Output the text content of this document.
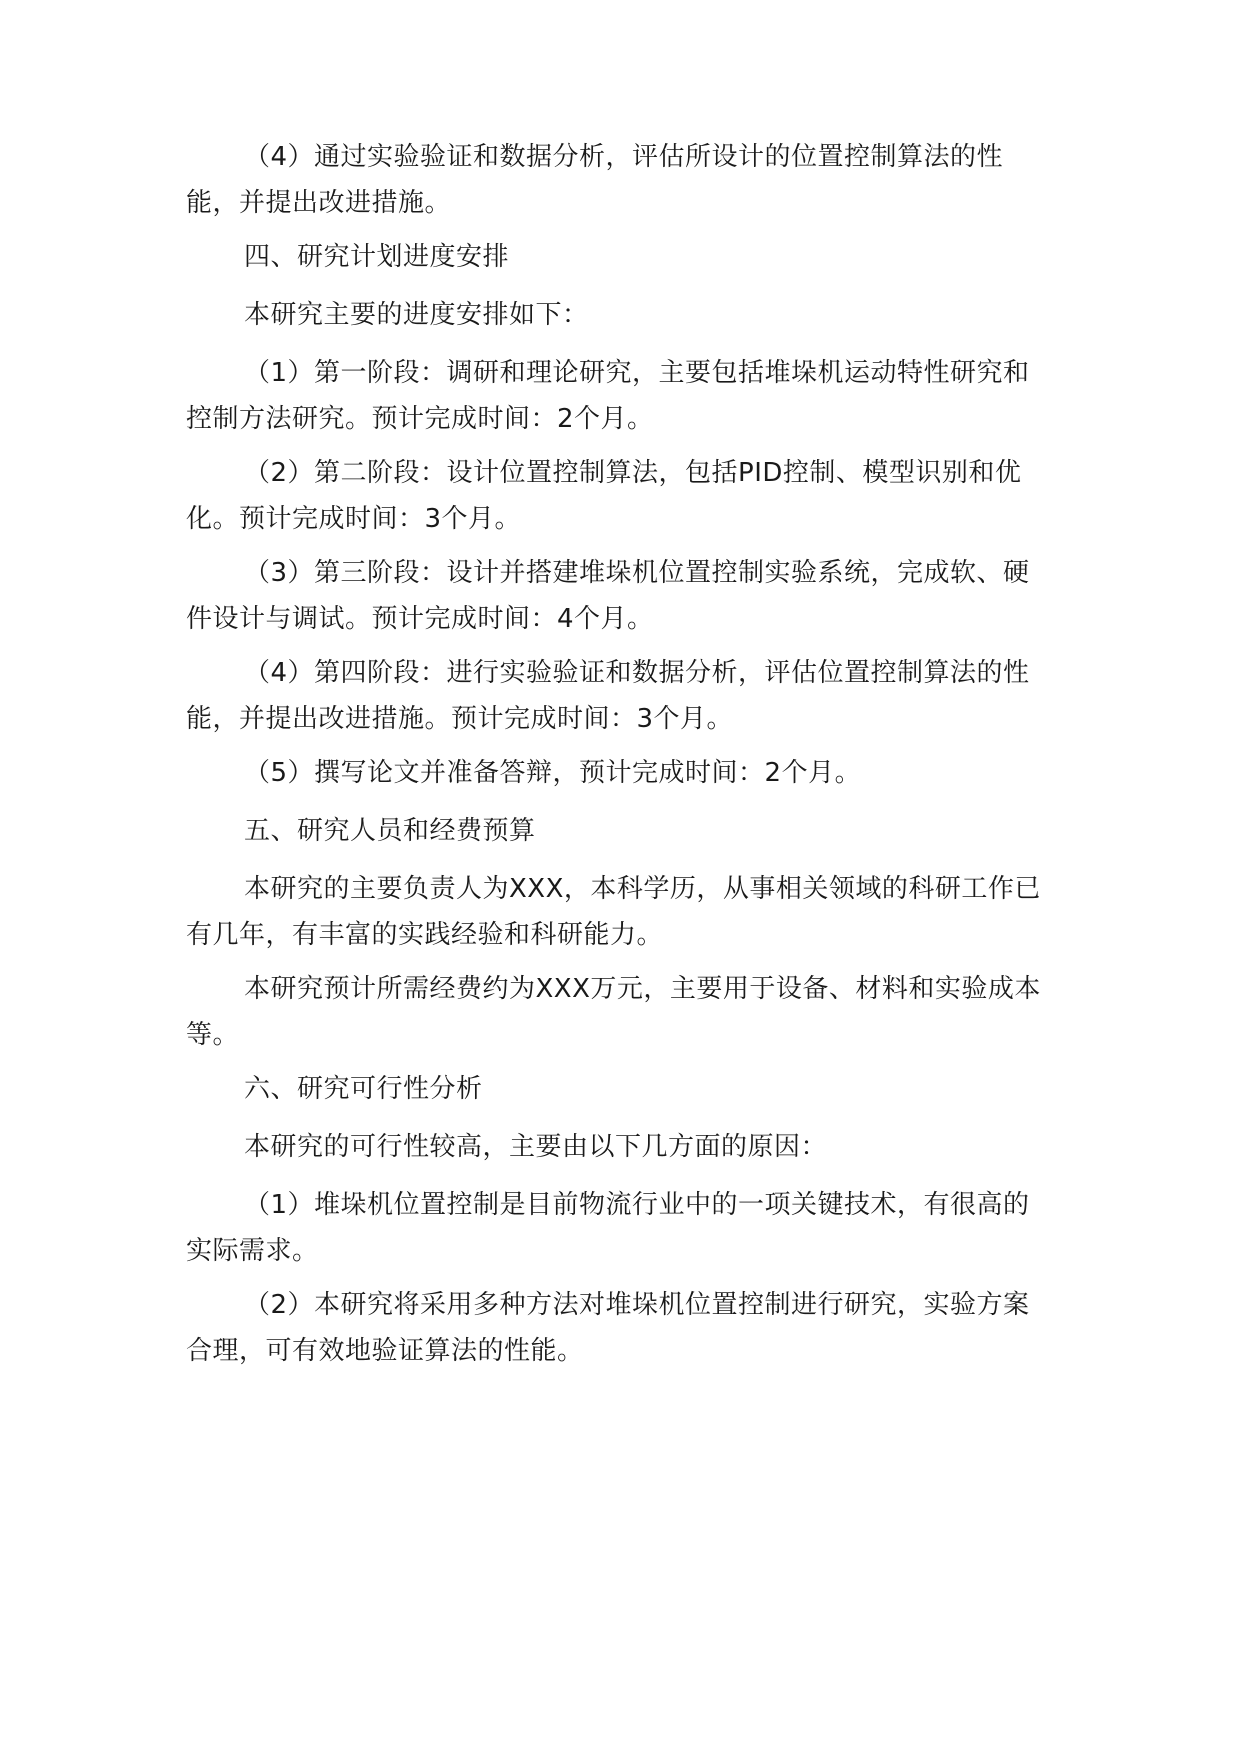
（4）通过实验验证和数据分析，评估所设计的位置控制算法的性能，并提出改进措施。

四、研究计划进度安排

本研究主要的进度安排如下：

（1）第一阶段：调研和理论研究，主要包括堆垛机运动特性研究和控制方法研究。预计完成时间：2个月。

（2）第二阶段：设计位置控制算法，包括PID控制、模型识别和优化。预计完成时间：3个月。

（3）第三阶段：设计并搭建堆垛机位置控制实验系统，完成软、硬件设计与调试。预计完成时间：4个月。

（4）第四阶段：进行实验验证和数据分析，评估位置控制算法的性能，并提出改进措施。预计完成时间：3个月。

（5）撰写论文并准备答辩，预计完成时间：2个月。

五、研究人员和经费预算

本研究的主要负责人为XXX，本科学历，从事相关领域的科研工作已有几年，有丰富的实践经验和科研能力。

本研究预计所需经费约为XXX万元，主要用于设备、材料和实验成本等。

六、研究可行性分析

本研究的可行性较高，主要由以下几方面的原因：

（1）堆垛机位置控制是目前物流行业中的一项关键技术，有很高的实际需求。

（2）本研究将采用多种方法对堆垛机位置控制进行研究，实验方案合理，可有效地验证算法的性能。
